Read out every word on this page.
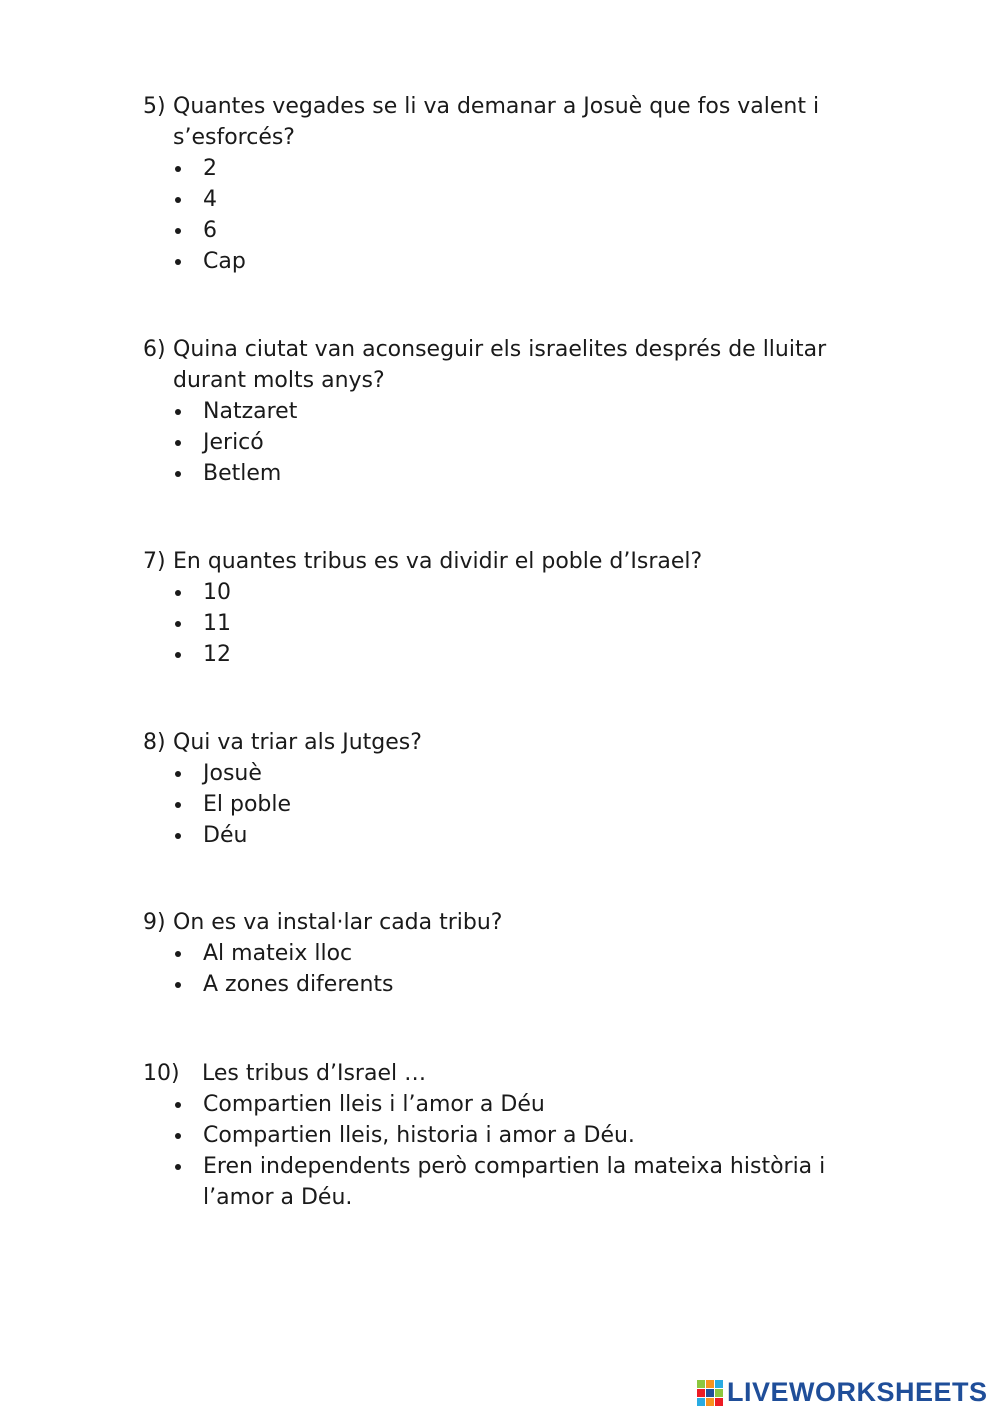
5) Quantes vegades se li va demanar a Josuè que fos valent i s’esforcés?
2
4
6
Cap
6) Quina ciutat van aconseguir els israelites després de lluitar durant molts anys?
Natzaret
Jericó
Betlem
7) En quantes tribus es va dividir el poble d’Israel?
10
11
12
8) Qui va triar als Jutges?
Josuè
El poble
Déu
9) On es va instal·lar cada tribu?
Al mateix lloc
A zones diferents
10)	Les tribus d’Israel …
Compartien lleis i l’amor a Déu
Compartien lleis, historia i amor a Déu.
Eren independents però compartien la mateixa història i l’amor a Déu.
LIVEWORKSHEETS
